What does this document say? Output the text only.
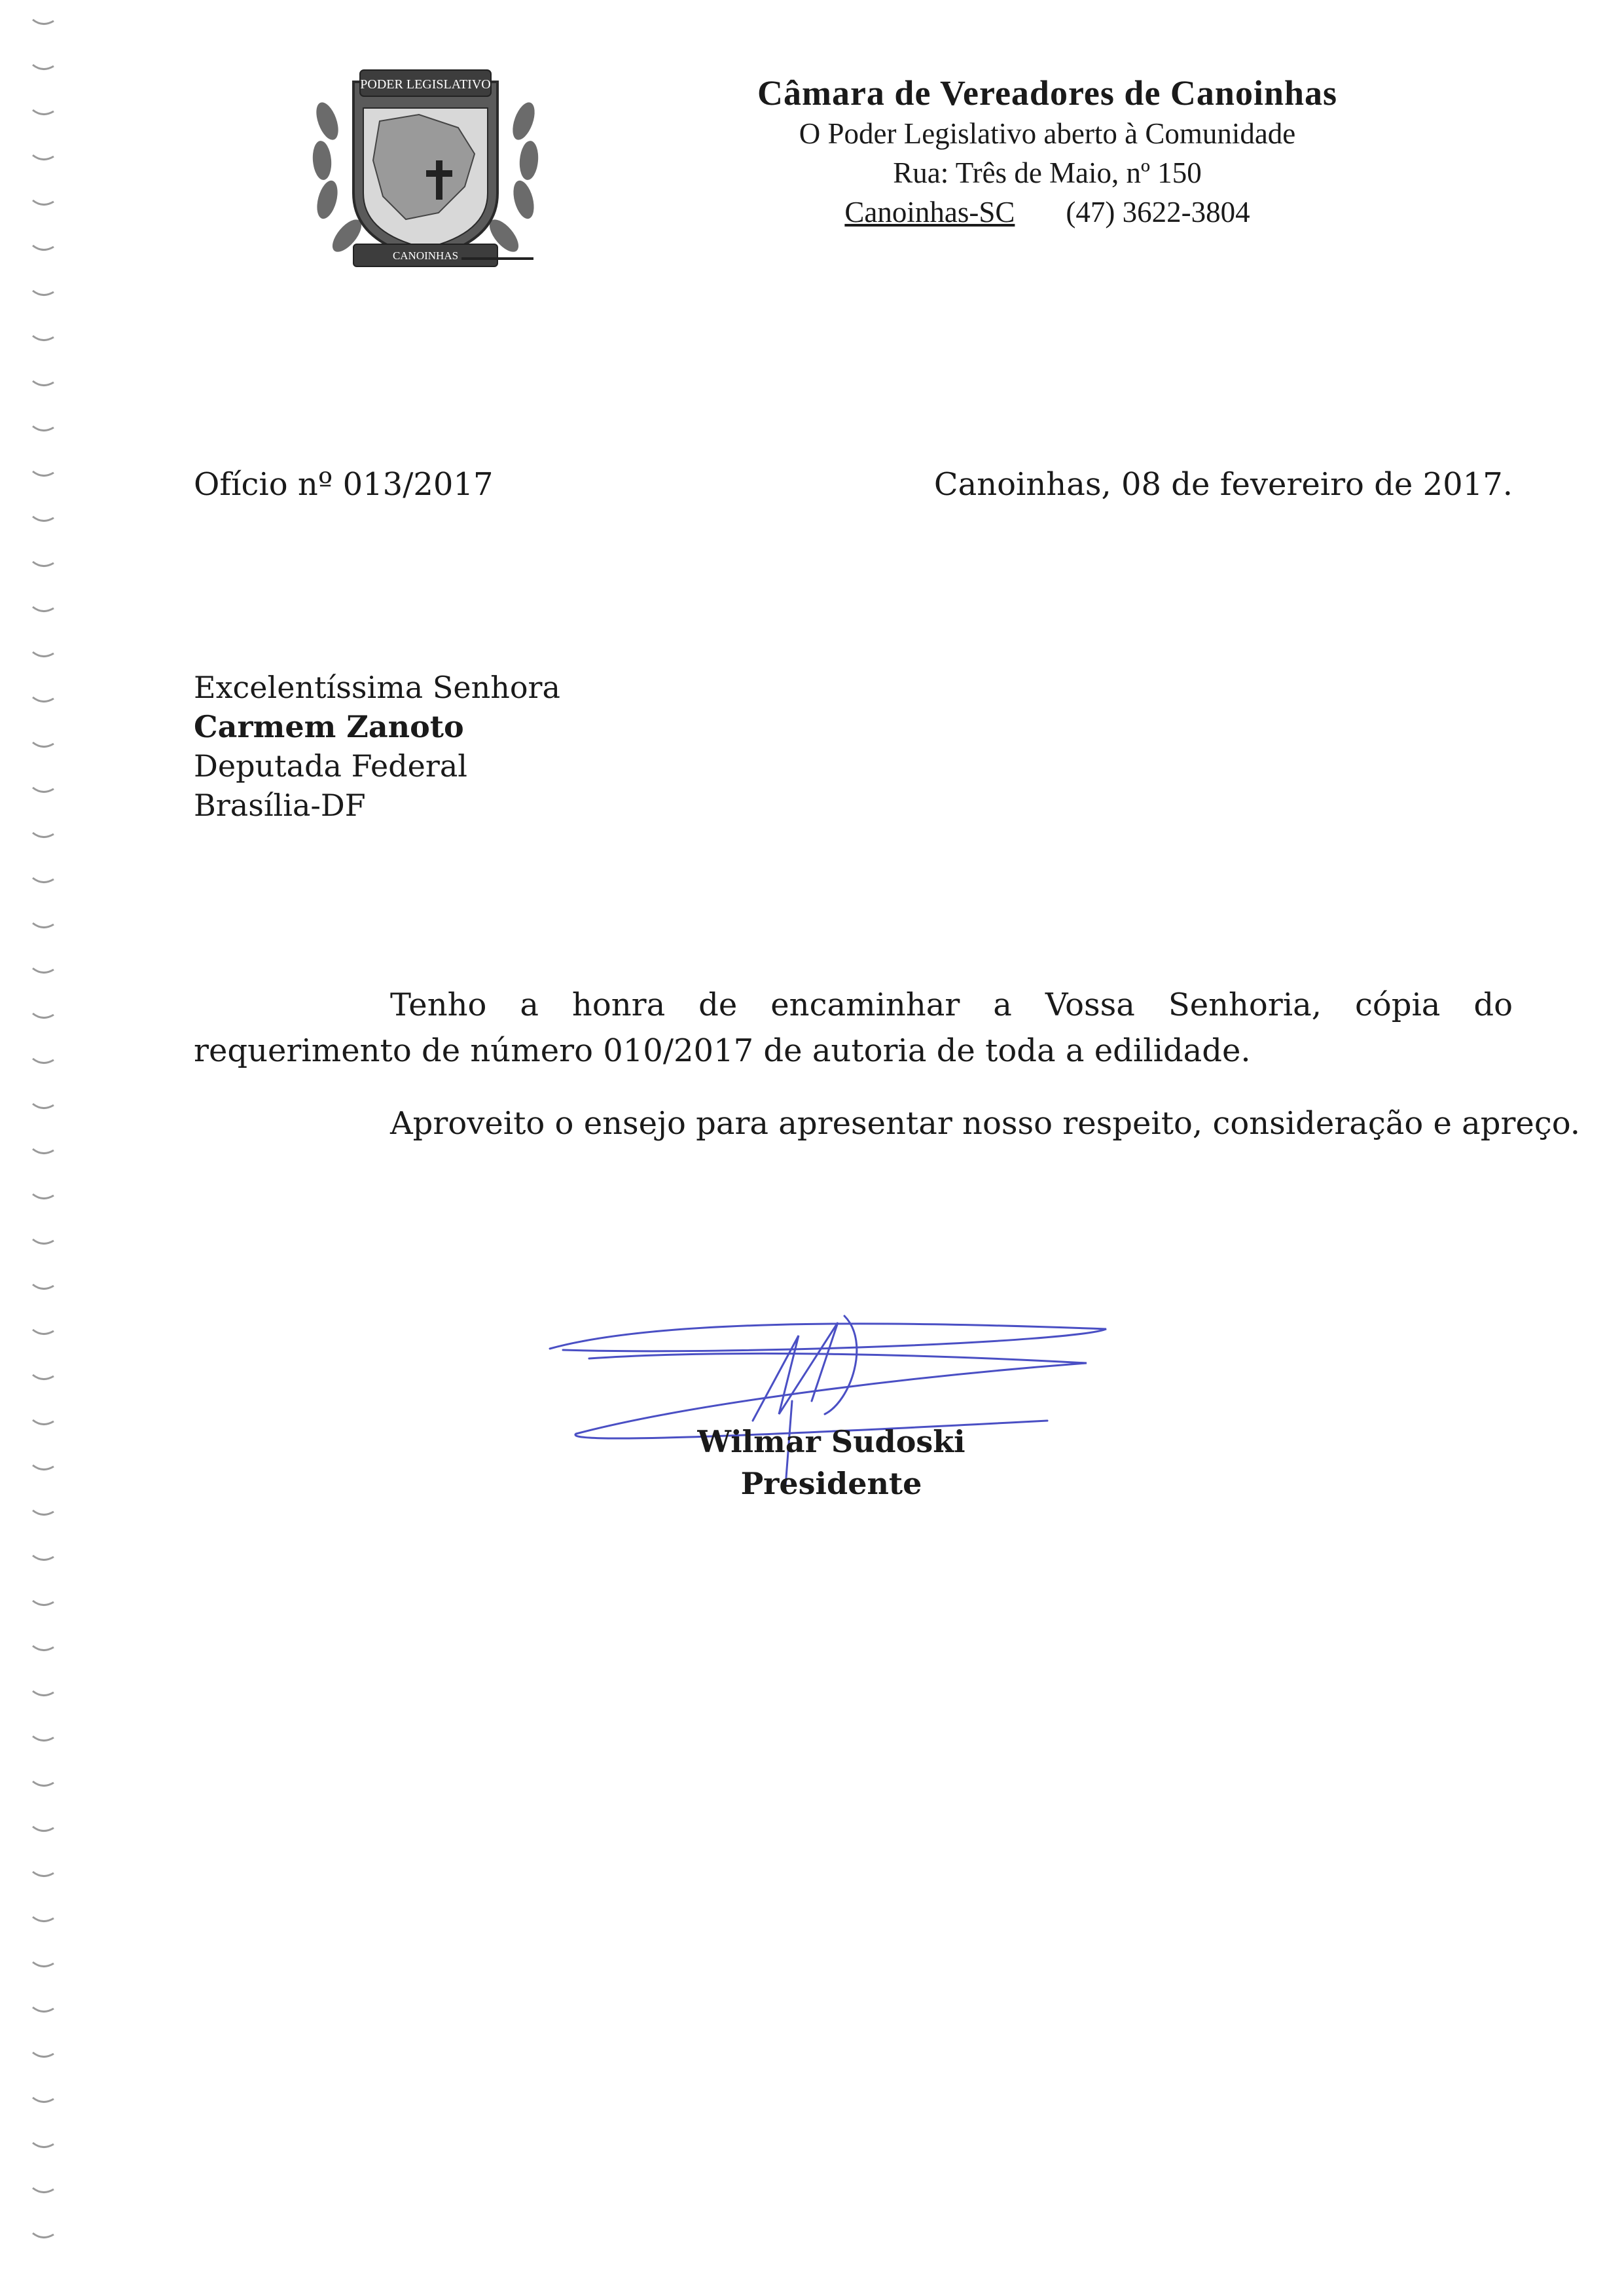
PODER LEGISLATIVO
CANOINHAS
Câmara de Vereadores de Canoinhas
O Poder Legislativo aberto à Comunidade
Rua: Três de Maio, nº 150
Canoinhas-SC (47) 3622-3804
Ofício nº 013/2017	Canoinhas, 08 de fevereiro de 2017.
Excelentíssima Senhora
Carmem Zanoto
Deputada Federal
Brasília-DF
Tenho a honra de encaminhar a Vossa Senhoria, cópia do requerimento de número 010/2017 de autoria de toda a edilidade.
Aproveito o ensejo para apresentar nosso respeito, consideração e apreço.
Wilmar Sudoski
Presidente
